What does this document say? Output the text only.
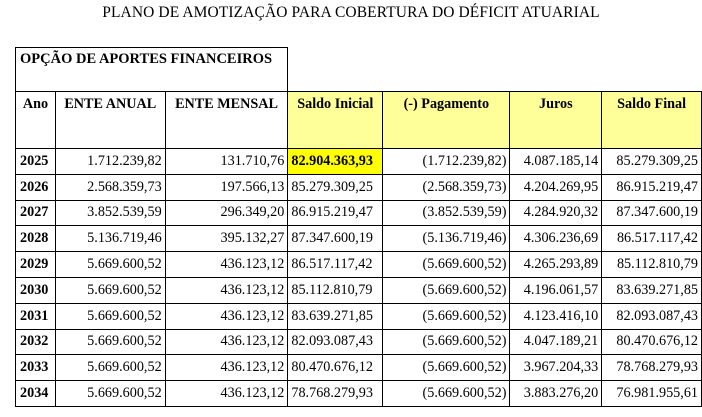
PLANO DE AMOTIZAÇÃO PARA COBERTURA DO DÉFICIT ATUARIAL
OPÇÃO DE APORTES FINANCEIROS
Ano	ENTE ANUAL	ENTE MENSAL	Saldo Inicial	(-) Pagamento	Juros	Saldo Final
2025	1.712.239,82	131.710,76	82.904.363,93	(1.712.239,82)	4.087.185,14	85.279.309,25
2026	2.568.359,73	197.566,13	85.279.309,25	(2.568.359,73)	4.204.269,95	86.915.219,47
2027	3.852.539,59	296.349,20	86.915.219,47	(3.852.539,59)	4.284.920,32	87.347.600,19
2028	5.136.719,46	395.132,27	87.347.600,19	(5.136.719,46)	4.306.236,69	86.517.117,42
2029	5.669.600,52	436.123,12	86.517.117,42	(5.669.600,52)	4.265.293,89	85.112.810,79
2030	5.669.600,52	436.123,12	85.112.810,79	(5.669.600,52)	4.196.061,57	83.639.271,85
2031	5.669.600,52	436.123,12	83.639.271,85	(5.669.600,52)	4.123.416,10	82.093.087,43
2032	5.669.600,52	436.123,12	82.093.087,43	(5.669.600,52)	4.047.189,21	80.470.676,12
2033	5.669.600,52	436.123,12	80.470.676,12	(5.669.600,52)	3.967.204,33	78.768.279,93
2034	5.669.600,52	436.123,12	78.768.279,93	(5.669.600,52)	3.883.276,20	76.981.955,61
